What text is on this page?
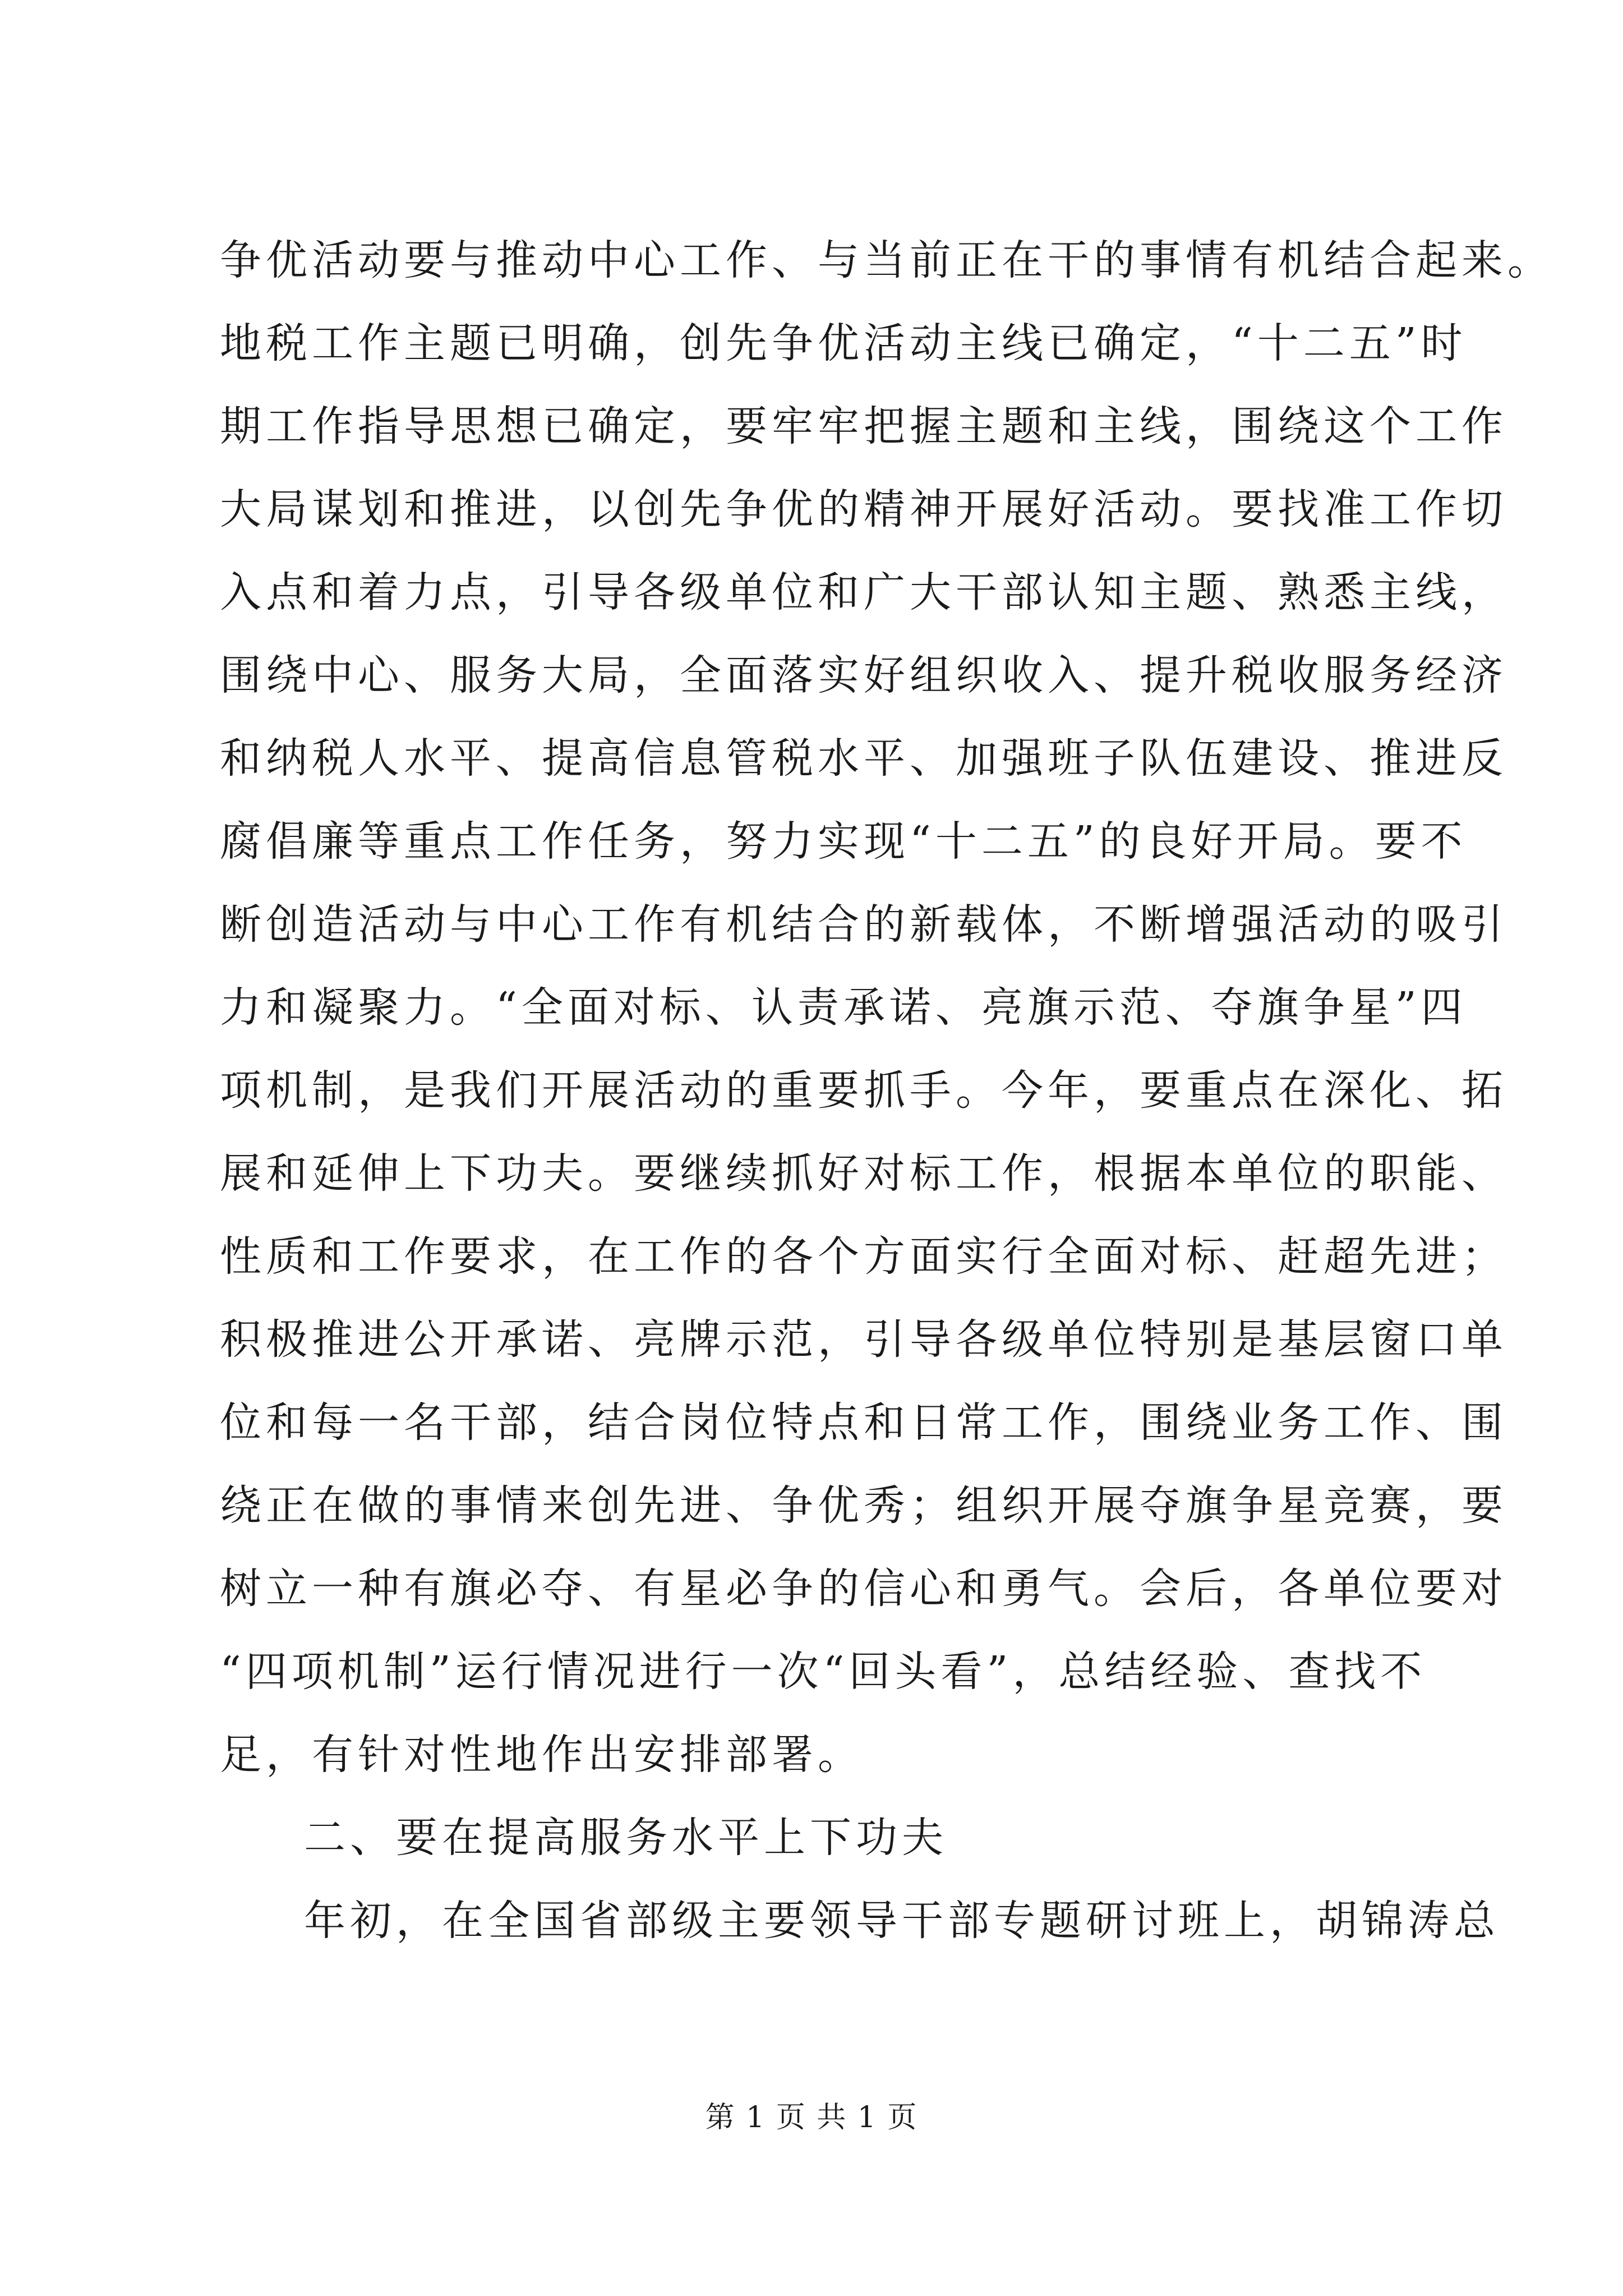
争优活动要与推动中心工作、与当前正在干的事情有机结合起来。
地税工作主题已明确，创先争优活动主线已确定，“十二五”时
期工作指导思想已确定，要牢牢把握主题和主线，围绕这个工作
大局谋划和推进，以创先争优的精神开展好活动。要找准工作切
入点和着力点，引导各级单位和广大干部认知主题、熟悉主线，
围绕中心、服务大局，全面落实好组织收入、提升税收服务经济
和纳税人水平、提高信息管税水平、加强班子队伍建设、推进反
腐倡廉等重点工作任务，努力实现“十二五”的良好开局。要不
断创造活动与中心工作有机结合的新载体，不断增强活动的吸引
力和凝聚力。“全面对标、认责承诺、亮旗示范、夺旗争星”四
项机制，是我们开展活动的重要抓手。今年，要重点在深化、拓
展和延伸上下功夫。要继续抓好对标工作，根据本单位的职能、
性质和工作要求，在工作的各个方面实行全面对标、赶超先进；
积极推进公开承诺、亮牌示范，引导各级单位特别是基层窗口单
位和每一名干部，结合岗位特点和日常工作，围绕业务工作、围
绕正在做的事情来创先进、争优秀；组织开展夺旗争星竞赛，要
树立一种有旗必夺、有星必争的信心和勇气。会后，各单位要对
“四项机制”运行情况进行一次“回头看”，总结经验、查找不
足，有针对性地作出安排部署。
二、要在提高服务水平上下功夫
年初，在全国省部级主要领导干部专题研讨班上，胡锦涛总
第 1 页 共 1 页
